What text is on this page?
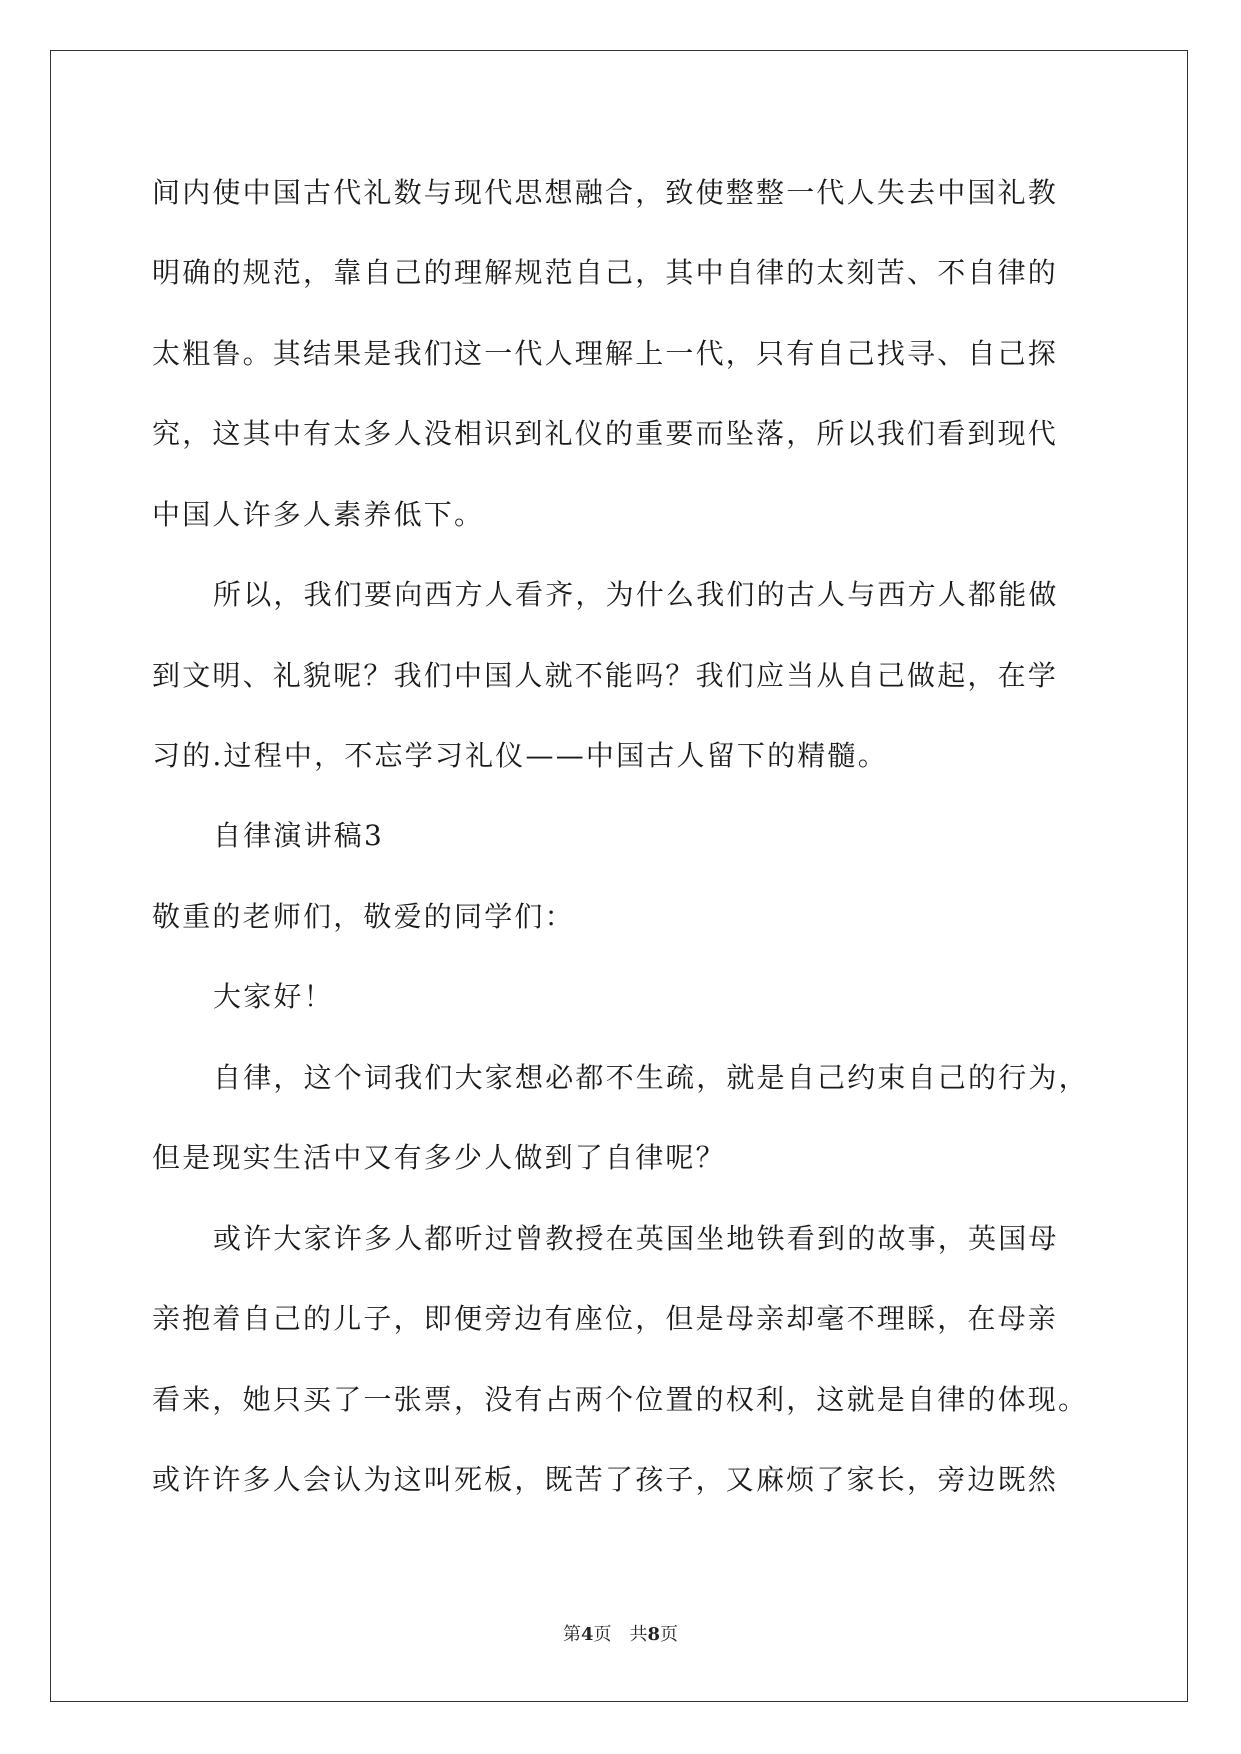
间内使中国古代礼数与现代思想融合，致使整整一代人失去中国礼教
明确的规范，靠自己的理解规范自己，其中自律的太刻苦、不自律的
太粗鲁。其结果是我们这一代人理解上一代，只有自己找寻、自己探
究，这其中有太多人没相识到礼仪的重要而坠落，所以我们看到现代
中国人许多人素养低下。
所以，我们要向西方人看齐，为什么我们的古人与西方人都能做
到文明、礼貌呢？我们中国人就不能吗？我们应当从自己做起，在学
习的.过程中，不忘学习礼仪——中国古人留下的精髓。
自律演讲稿3
敬重的老师们，敬爱的同学们：
大家好！
自律，这个词我们大家想必都不生疏，就是自己约束自己的行为，
但是现实生活中又有多少人做到了自律呢？
或许大家许多人都听过曾教授在英国坐地铁看到的故事，英国母
亲抱着自己的儿子，即便旁边有座位，但是母亲却毫不理睬，在母亲
看来，她只买了一张票，没有占两个位置的权利，这就是自律的体现。
或许许多人会认为这叫死板，既苦了孩子，又麻烦了家长，旁边既然
第4页　共8页
